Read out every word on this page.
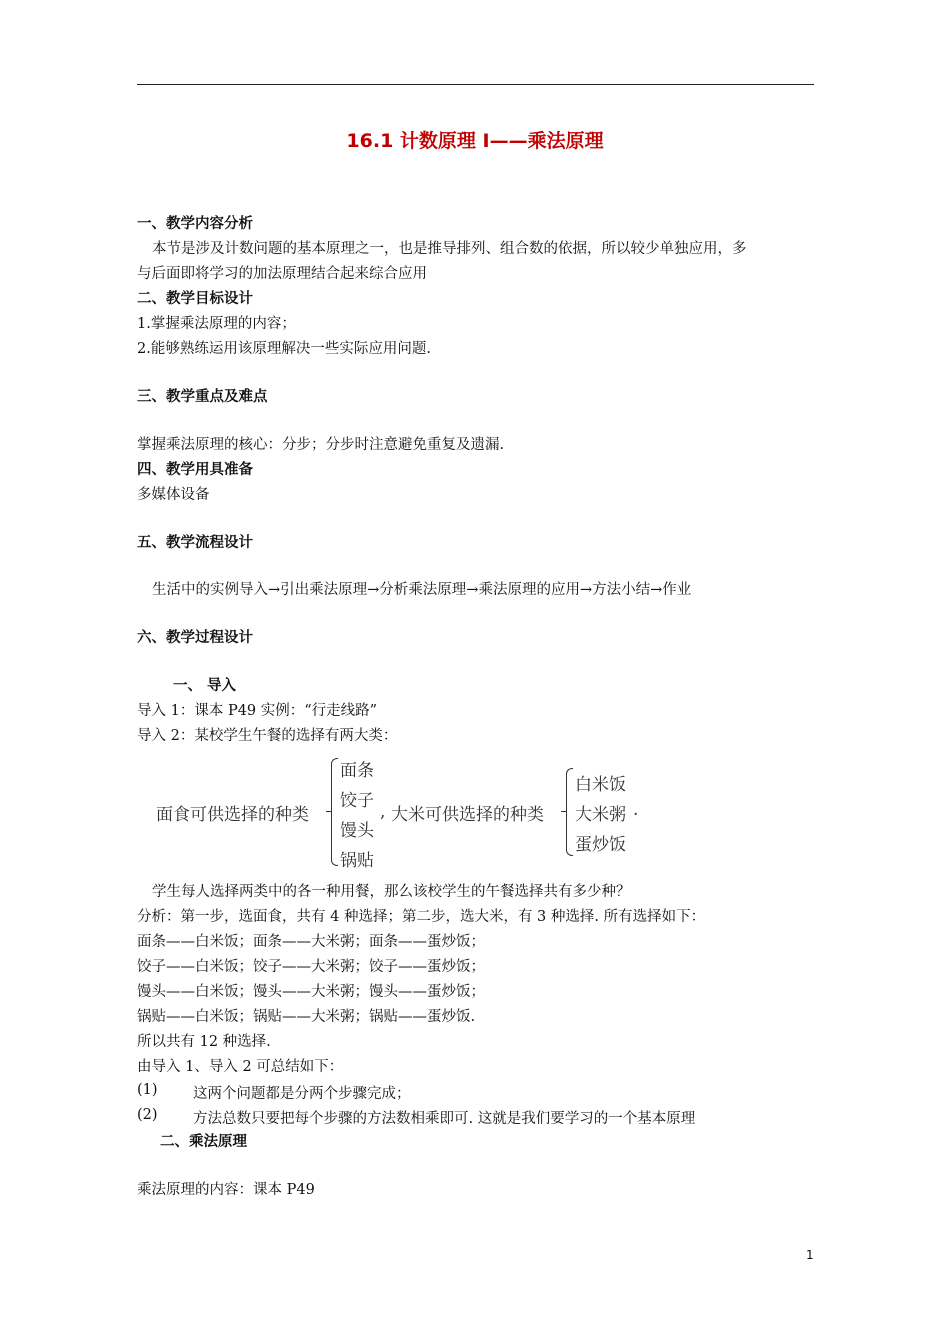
16.1 计数原理 I——乘法原理
一、教学内容分析
本节是涉及计数问题的基本原理之一，也是推导排列、组合数的依据，所以较少单独应用，多
与后面即将学习的加法原理结合起来综合应用
二、教学目标设计
1.掌握乘法原理的内容；
2.能够熟练运用该原理解决一些实际应用问题.
三、教学重点及难点
掌握乘法原理的核心：分步；分步时注意避免重复及遗漏.
四、教学用具准备
多媒体设备
五、教学流程设计
生活中的实例导入→引出乘法原理→分析乘法原理→乘法原理的应用→方法小结→作业
六、教学过程设计
一、 导入
导入 1：课本 P49 实例：“行走线路”
导入 2：某校学生午餐的选择有两大类：
面食可供选择的种类
面条
饺子
馒头
锅贴
, 大米可供选择的种类
白米饭
大米粥
蛋炒饭
.
学生每人选择两类中的各一种用餐，那么该校学生的午餐选择共有多少种？
分析：第一步，选面食，共有 4 种选择；第二步，选大米，有 3 种选择. 所有选择如下：
面条——白米饭；面条——大米粥；面条——蛋炒饭；
饺子——白米饭；饺子——大米粥；饺子——蛋炒饭；
馒头——白米饭；馒头——大米粥；馒头——蛋炒饭；
锅贴——白米饭；锅贴——大米粥；锅贴——蛋炒饭.
所以共有 12 种选择.
由导入 1、导入 2 可总结如下：
(1) 这两个问题都是分两个步骤完成；
(2) 方法总数只要把每个步骤的方法数相乘即可. 这就是我们要学习的一个基本原理
二、乘法原理
乘法原理的内容：课本 P49
1
